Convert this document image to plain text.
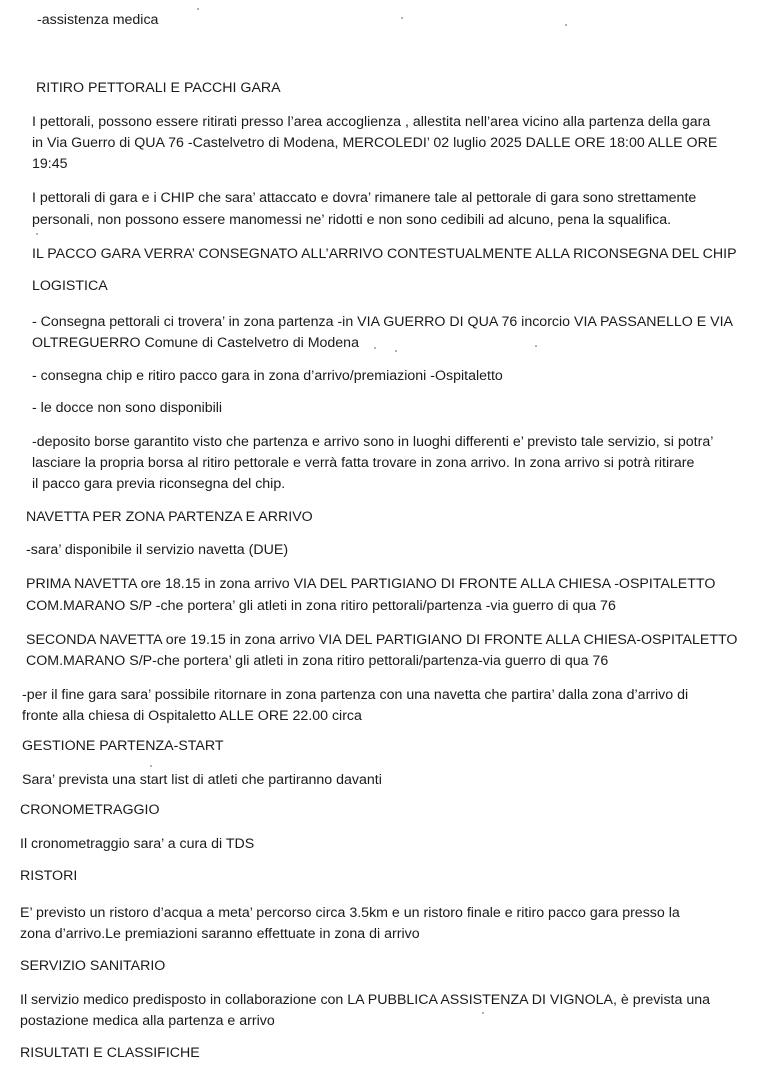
-assistenza medica
RITIRO PETTORALI E PACCHI GARA
I pettorali, possono essere ritirati presso l’area accoglienza , allestita nell’area vicino alla partenza della gara
in Via Guerro di QUA 76 -Castelvetro di Modena, MERCOLEDI’ 02 luglio 2025 DALLE ORE 18:00 ALLE ORE
19:45
I pettorali di gara e i CHIP che sara’ attaccato e dovra’ rimanere tale al pettorale di gara sono strettamente
personali, non possono essere manomessi ne’ ridotti e non sono cedibili ad alcuno, pena la squalifica.
IL PACCO GARA VERRA’ CONSEGNATO ALL’ARRIVO CONTESTUALMENTE ALLA RICONSEGNA DEL CHIP
LOGISTICA
- Consegna pettorali ci trovera’ in zona partenza -in VIA GUERRO DI QUA 76 incorcio VIA PASSANELLO E VIA
OLTREGUERRO Comune di Castelvetro di Modena
- consegna chip e ritiro pacco gara in zona d’arrivo/premiazioni -Ospitaletto
- le docce non sono disponibili
-deposito borse garantito visto che partenza e arrivo sono in luoghi differenti e’ previsto tale servizio, si potra’
lasciare la propria borsa al ritiro pettorale e verrà fatta trovare in zona arrivo. In zona arrivo si potrà ritirare
il pacco gara previa riconsegna del chip.
NAVETTA PER ZONA PARTENZA E ARRIVO
-sara’ disponibile il servizio navetta (DUE)
PRIMA NAVETTA ore 18.15 in zona arrivo VIA DEL PARTIGIANO DI FRONTE ALLA CHIESA -OSPITALETTO
COM.MARANO S/P -che portera’ gli atleti in zona ritiro pettorali/partenza -via guerro di qua 76
SECONDA NAVETTA ore 19.15 in zona arrivo VIA DEL PARTIGIANO DI FRONTE ALLA CHIESA-OSPITALETTO
COM.MARANO S/P-che portera’ gli atleti in zona ritiro pettorali/partenza-via guerro di qua 76
-per il fine gara sara’ possibile ritornare in zona partenza con una navetta che partira’ dalla zona d’arrivo di
fronte alla chiesa di Ospitaletto ALLE ORE 22.00 circa
GESTIONE PARTENZA-START
Sara’ prevista una start list di atleti che partiranno davanti
CRONOMETRAGGIO
Il cronometraggio sara’ a cura di TDS
RISTORI
E’ previsto un ristoro d’acqua a meta’ percorso circa 3.5km e un ristoro finale e ritiro pacco gara presso la
zona d’arrivo.Le premiazioni saranno effettuate in zona di arrivo
SERVIZIO SANITARIO
Il servizio medico predisposto in collaborazione con LA PUBBLICA ASSISTENZA DI VIGNOLA, è prevista una
postazione medica alla partenza e arrivo
RISULTATI E CLASSIFICHE
